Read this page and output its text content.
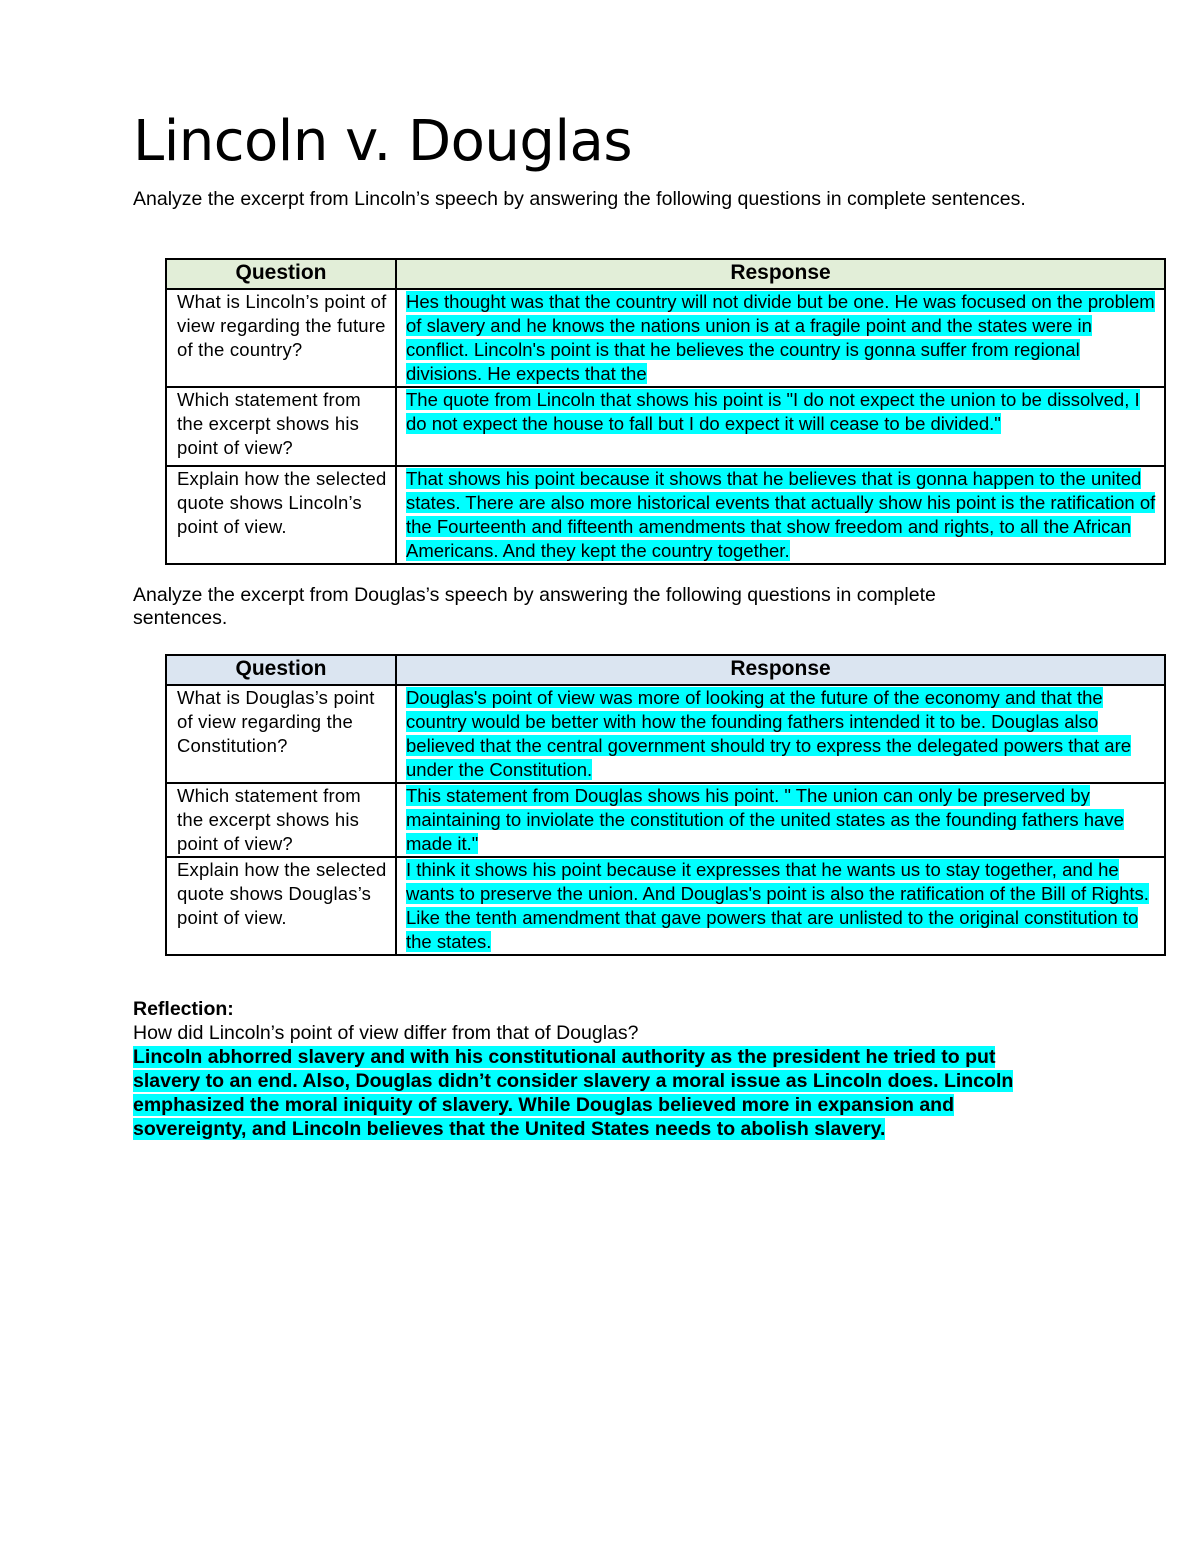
Lincoln v. Douglas
Analyze the excerpt from Lincoln’s speech by answering the following questions in complete sentences.
Question	Response
What is Lincoln’s point of view regarding the future of the country?	Hes thought was that the country will not divide but be one. He was focused on the problem of slavery and he knows the nations union is at a fragile point and the states were in conflict. Lincoln's point is that he believes the country is gonna suffer from regional divisions. He expects that the
Which statement from the excerpt shows his point of view?	The quote from Lincoln that shows his point is "I do not expect the union to be dissolved, I do not expect the house to fall but I do expect it will cease to be divided."
Explain how the selected quote shows Lincoln’s point of view.	That shows his point because it shows that he believes that is gonna happen to the united states. There are also more historical events that actually show his point is the ratification of the Fourteenth and fifteenth amendments that show freedom and rights, to all the African Americans. And they kept the country together.
Analyze the excerpt from Douglas’s speech by answering the following questions in complete sentences.
Question	Response
What is Douglas’s point of view regarding the Constitution?	Douglas's point of view was more of looking at the future of the economy and that the country would be better with how the founding fathers intended it to be. Douglas also believed that the central government should try to express the delegated powers that are under the Constitution.
Which statement from the excerpt shows his point of view?	This statement from Douglas shows his point. " The union can only be preserved by maintaining to inviolate the constitution of the united states as the founding fathers have made it."
Explain how the selected quote shows Douglas’s point of view.	I think it shows his point because it expresses that he wants us to stay together, and he wants to preserve the union. And Douglas's point is also the ratification of the Bill of Rights. Like the tenth amendment that gave powers that are unlisted to the original constitution to the states.
Reflection:
How did Lincoln’s point of view differ from that of Douglas?
Lincoln abhorred slavery and with his constitutional authority as the president he tried to put slavery to an end. Also, Douglas didn’t consider slavery a moral issue as Lincoln does. Lincoln emphasized the moral iniquity of slavery. While Douglas believed more in expansion and sovereignty, and Lincoln believes that the United States needs to abolish slavery.
